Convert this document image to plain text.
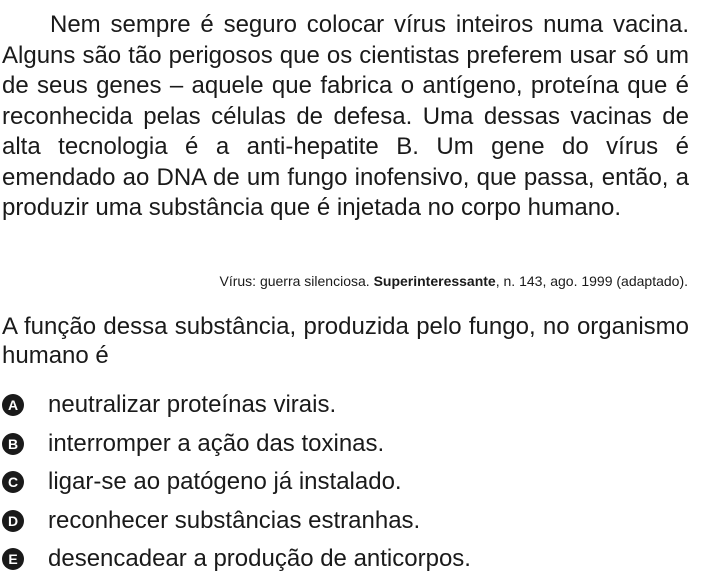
Nem sempre é seguro colocar vírus inteiros numa vacina. Alguns são tão perigosos que os cientistas preferem usar só um de seus genes – aquele que fabrica o antígeno, proteína que é reconhecida pelas células de defesa. Uma dessas vacinas de alta tecnologia é a anti-hepatite B. Um gene do vírus é emendado ao DNA de um fungo inofensivo, que passa, então, a produzir uma substância que é injetada no corpo humano.

Vírus: guerra silenciosa. Superinteressante, n. 143, ago. 1999 (adaptado).

A função dessa substância, produzida pelo fungo, no organismo humano é

A neutralizar proteínas virais.
B interromper a ação das toxinas.
C ligar-se ao patógeno já instalado.
D reconhecer substâncias estranhas.
E desencadear a produção de anticorpos.
